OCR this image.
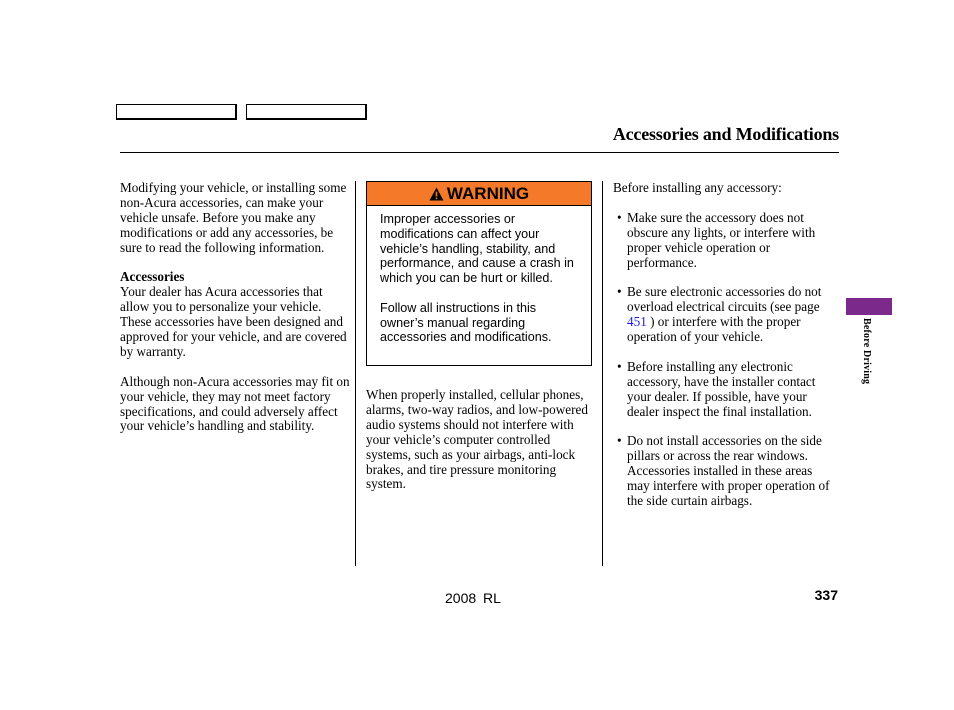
Accessories and Modifications

Modifying your vehicle, or installing some non-Acura accessories, can make your vehicle unsafe. Before you make any modifications or add any accessories, be sure to read the following information.

Accessories
Your dealer has Acura accessories that allow you to personalize your vehicle. These accessories have been designed and approved for your vehicle, and are covered by warranty.

Although non-Acura accessories may fit on your vehicle, they may not meet factory specifications, and could adversely affect your vehicle’s handling and stability.

WARNING

Improper accessories or modifications can affect your vehicle’s handling, stability, and performance, and cause a crash in which you can be hurt or killed.

Follow all instructions in this owner’s manual regarding accessories and modifications.

When properly installed, cellular phones, alarms, two-way radios, and low-powered audio systems should not interfere with your vehicle’s computer controlled systems, such as your airbags, anti-lock brakes, and tire pressure monitoring system.

Before installing any accessory:

• Make sure the accessory does not obscure any lights, or interfere with proper vehicle operation or performance.
• Be sure electronic accessories do not overload electrical circuits (see page 451 ) or interfere with the proper operation of your vehicle.
• Before installing any electronic accessory, have the installer contact your dealer. If possible, have your dealer inspect the final installation.
• Do not install accessories on the side pillars or across the rear windows. Accessories installed in these areas may interfere with proper operation of the side curtain airbags.
Before Driving
2008 RL	337
